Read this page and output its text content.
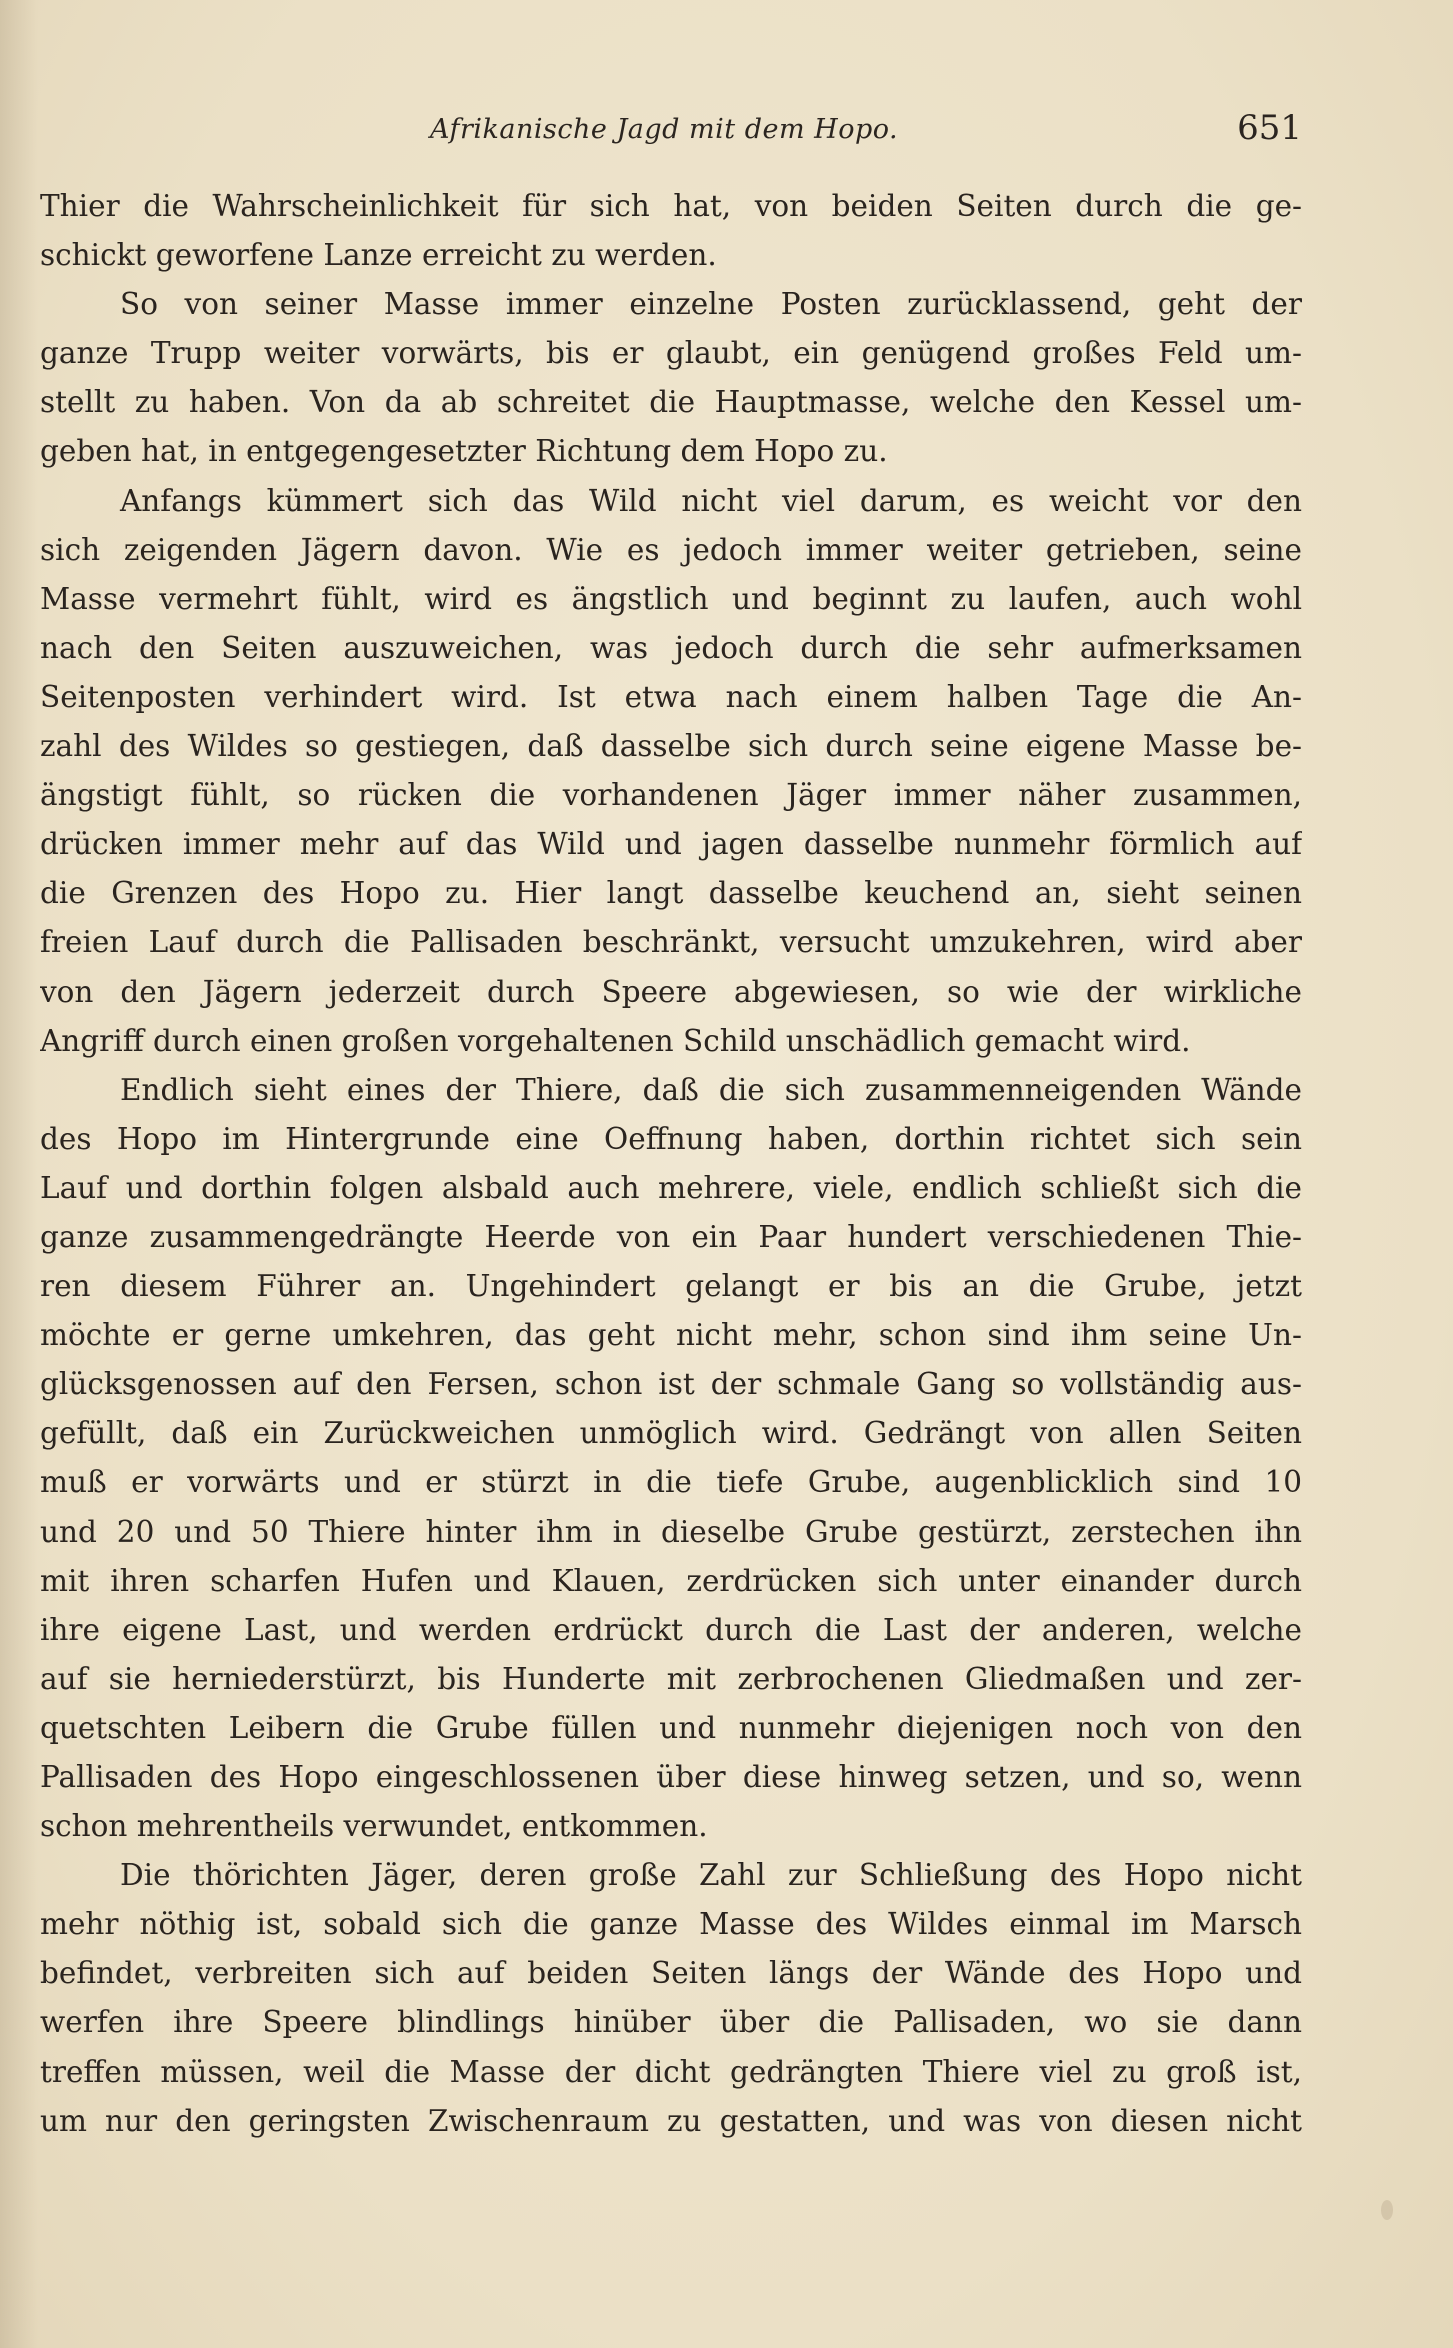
Afrikanische Jagd mit dem Hopo.	651
Thier die Wahrscheinlichkeit für sich hat, von beiden Seiten durch die ge-
schickt geworfene Lanze erreicht zu werden.
So von seiner Masse immer einzelne Posten zurücklassend, geht der
ganze Trupp weiter vorwärts, bis er glaubt, ein genügend großes Feld um-
stellt zu haben. Von da ab schreitet die Hauptmasse, welche den Kessel um-
geben hat, in entgegengesetzter Richtung dem Hopo zu.
Anfangs kümmert sich das Wild nicht viel darum, es weicht vor den
sich zeigenden Jägern davon. Wie es jedoch immer weiter getrieben, seine
Masse vermehrt fühlt, wird es ängstlich und beginnt zu laufen, auch wohl
nach den Seiten auszuweichen, was jedoch durch die sehr aufmerksamen
Seitenposten verhindert wird. Ist etwa nach einem halben Tage die An-
zahl des Wildes so gestiegen, daß dasselbe sich durch seine eigene Masse be-
ängstigt fühlt, so rücken die vorhandenen Jäger immer näher zusammen,
drücken immer mehr auf das Wild und jagen dasselbe nunmehr förmlich auf
die Grenzen des Hopo zu. Hier langt dasselbe keuchend an, sieht seinen
freien Lauf durch die Pallisaden beschränkt, versucht umzukehren, wird aber
von den Jägern jederzeit durch Speere abgewiesen, so wie der wirkliche
Angriff durch einen großen vorgehaltenen Schild unschädlich gemacht wird.
Endlich sieht eines der Thiere, daß die sich zusammenneigenden Wände
des Hopo im Hintergrunde eine Oeffnung haben, dorthin richtet sich sein
Lauf und dorthin folgen alsbald auch mehrere, viele, endlich schließt sich die
ganze zusammengedrängte Heerde von ein Paar hundert verschiedenen Thie-
ren diesem Führer an. Ungehindert gelangt er bis an die Grube, jetzt
möchte er gerne umkehren, das geht nicht mehr, schon sind ihm seine Un-
glücksgenossen auf den Fersen, schon ist der schmale Gang so vollständig aus-
gefüllt, daß ein Zurückweichen unmöglich wird. Gedrängt von allen Seiten
muß er vorwärts und er stürzt in die tiefe Grube, augenblicklich sind 10
und 20 und 50 Thiere hinter ihm in dieselbe Grube gestürzt, zerstechen ihn
mit ihren scharfen Hufen und Klauen, zerdrücken sich unter einander durch
ihre eigene Last, und werden erdrückt durch die Last der anderen, welche
auf sie herniederstürzt, bis Hunderte mit zerbrochenen Gliedmaßen und zer-
quetschten Leibern die Grube füllen und nunmehr diejenigen noch von den
Pallisaden des Hopo eingeschlossenen über diese hinweg setzen, und so, wenn
schon mehrentheils verwundet, entkommen.
Die thörichten Jäger, deren große Zahl zur Schließung des Hopo nicht
mehr nöthig ist, sobald sich die ganze Masse des Wildes einmal im Marsch
befindet, verbreiten sich auf beiden Seiten längs der Wände des Hopo und
werfen ihre Speere blindlings hinüber über die Pallisaden, wo sie dann
treffen müssen, weil die Masse der dicht gedrängten Thiere viel zu groß ist,
um nur den geringsten Zwischenraum zu gestatten, und was von diesen nicht
